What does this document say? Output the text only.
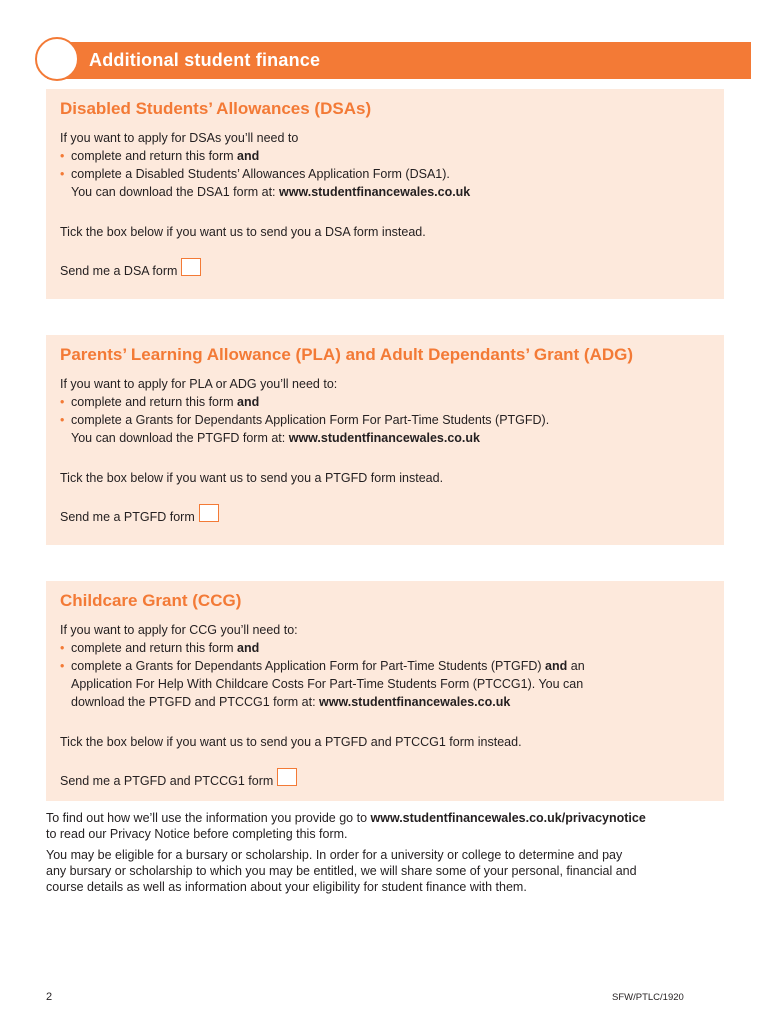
Additional student finance
Disabled Students’ Allowances (DSAs)

If you want to apply for DSAs you’ll need to

• complete and return this form and
• complete a Disabled Students’ Allowances Application Form (DSA1).
You can download the DSA1 form at: www.studentfinancewales.co.uk

Tick the box below if you want us to send you a DSA form instead.

Send me a DSA form
Parents’ Learning Allowance (PLA) and Adult Dependants’ Grant (ADG)

If you want to apply for PLA or ADG you’ll need to:

• complete and return this form and
• complete a Grants for Dependants Application Form For Part-Time Students (PTGFD).
You can download the PTGFD form at: www.studentfinancewales.co.uk

Tick the box below if you want us to send you a PTGFD form instead.

Send me a PTGFD form
Childcare Grant (CCG)

If you want to apply for CCG you’ll need to:

• complete and return this form and
• complete a Grants for Dependants Application Form for Part-Time Students (PTGFD) and an
Application For Help With Childcare Costs For Part-Time Students Form (PTCCG1). You can
download the PTGFD and PTCCG1 form at: www.studentfinancewales.co.uk

Tick the box below if you want us to send you a PTGFD and PTCCG1 form instead.

Send me a PTGFD and PTCCG1 form
To find out how we’ll use the information you provide go to www.studentfinancewales.co.uk/privacynotice
to read our Privacy Notice before completing this form.
You may be eligible for a bursary or scholarship. In order for a university or college to determine and pay
any bursary or scholarship to which you may be entitled, we will share some of your personal, financial and
course details as well as information about your eligibility for student finance with them.
2	SFW/PTLC/1920
